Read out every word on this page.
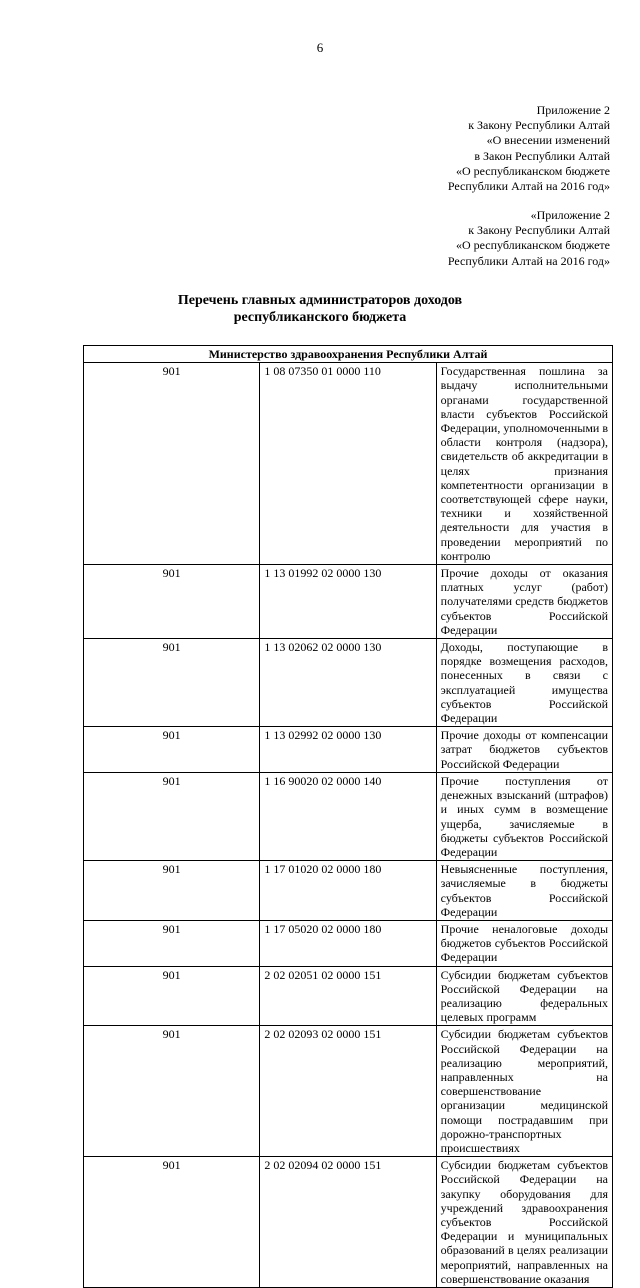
6
Приложение 2
к Закону Республики Алтай
«О внесении изменений
в Закон Республики Алтай
«О республиканском бюджете
Республики Алтай на 2016 год»
«Приложение 2
к Закону Республики Алтай
«О республиканском бюджете
Республики Алтай на 2016 год»
Перечень главных администраторов доходов
республиканского бюджета
Министерство здравоохранения Республики Алтай		
901	1 08 07350 01 0000 110	Государственная пошлина за выдачу исполнительными органами государственной власти субъектов Российской Федерации, уполномоченными в области контроля (надзора), свидетельств об аккредитации в целях признания компетентности организации в соответствующей сфере науки, техники и хозяйственной деятельности для участия в проведении мероприятий по контролю
901	1 13 01992 02 0000 130	Прочие доходы от оказания платных услуг (работ) получателями средств бюджетов субъектов Российской Федерации
901	1 13 02062 02 0000 130	Доходы, поступающие в порядке возмещения расходов, понесенных в связи с эксплуатацией имущества субъектов Российской Федерации
901	1 13 02992 02 0000 130	Прочие доходы от компенсации затрат бюджетов субъектов Российской Федерации
901	1 16 90020 02 0000 140	Прочие поступления от денежных взысканий (штрафов) и иных сумм в возмещение ущерба, зачисляемые в бюджеты субъектов Российской Федерации
901	1 17 01020 02 0000 180	Невыясненные поступления, зачисляемые в бюджеты субъектов Российской Федерации
901	1 17 05020 02 0000 180	Прочие неналоговые доходы бюджетов субъектов Российской Федерации
901	2 02 02051 02 0000 151	Субсидии бюджетам субъектов Российской Федерации на реализацию федеральных целевых программ
901	2 02 02093 02 0000 151	Субсидии бюджетам субъектов Российской Федерации на реализацию мероприятий, направленных на совершенствование организации медицинской помощи пострадавшим при дорожно-транспортных происшествиях
901	2 02 02094 02 0000 151	Субсидии бюджетам субъектов Российской Федерации на закупку оборудования для учреждений здравоохранения субъектов Российской Федерации и муниципальных образований в целях реализации мероприятий, направленных на совершенствование оказания
